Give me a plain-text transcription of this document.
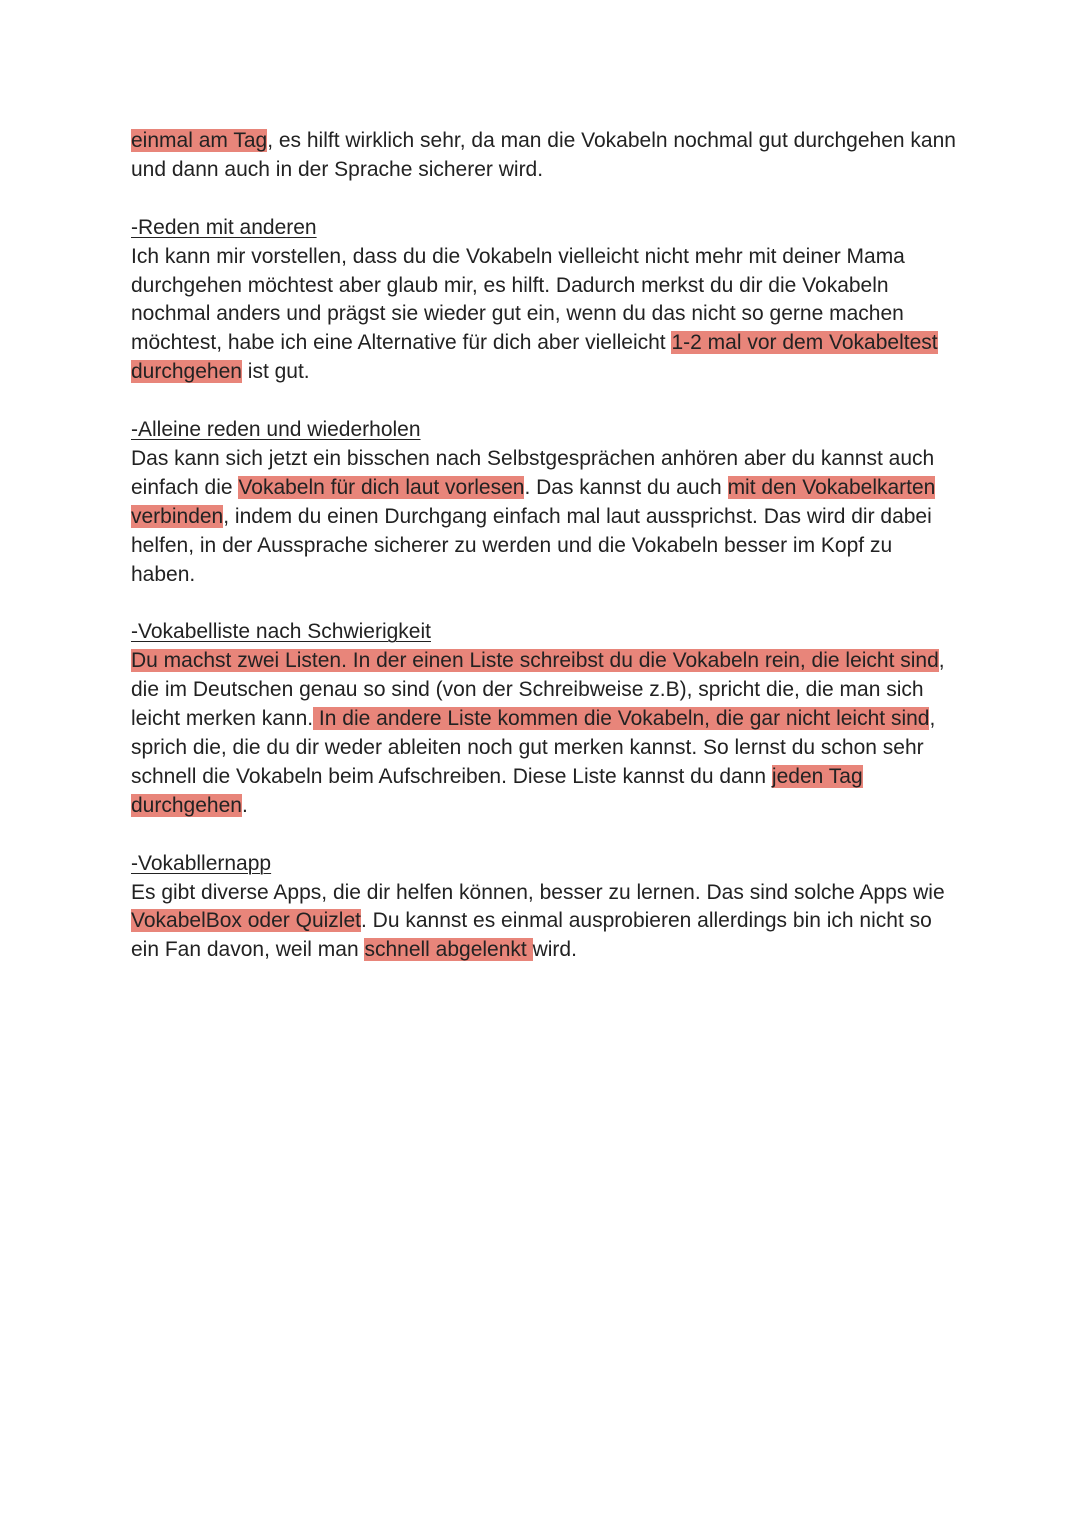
einmal am Tag, es hilft wirklich sehr, da man die Vokabeln nochmal gut durchgehen kann und dann auch in der Sprache sicherer wird.

-Reden mit anderen

Ich kann mir vorstellen, dass du die Vokabeln vielleicht nicht mehr mit deiner Mama durchgehen möchtest aber glaub mir, es hilft. Dadurch merkst du dir die Vokabeln nochmal anders und prägst sie wieder gut ein, wenn du das nicht so gerne machen möchtest, habe ich eine Alternative für dich aber vielleicht 1-2 mal vor dem Vokabeltest durchgehen ist gut.

-Alleine reden und wiederholen

Das kann sich jetzt ein bisschen nach Selbstgesprächen anhören aber du kannst auch einfach die Vokabeln für dich laut vorlesen. Das kannst du auch mit den Vokabelkarten verbinden, indem du einen Durchgang einfach mal laut aussprichst. Das wird dir dabei helfen, in der Aussprache sicherer zu werden und die Vokabeln besser im Kopf zu haben.

-Vokabelliste nach Schwierigkeit

Du machst zwei Listen. In der einen Liste schreibst du die Vokabeln rein, die leicht sind, die im Deutschen genau so sind (von der Schreibweise z.B), spricht die, die man sich leicht merken kann. In die andere Liste kommen die Vokabeln, die gar nicht leicht sind, sprich die, die du dir weder ableiten noch gut merken kannst. So lernst du schon sehr schnell die Vokabeln beim Aufschreiben. Diese Liste kannst du dann jeden Tag durchgehen.

-Vokabllernapp

Es gibt diverse Apps, die dir helfen können, besser zu lernen. Das sind solche Apps wie VokabelBox oder Quizlet. Du kannst es einmal ausprobieren allerdings bin ich nicht so ein Fan davon, weil man schnell abgelenkt wird.
